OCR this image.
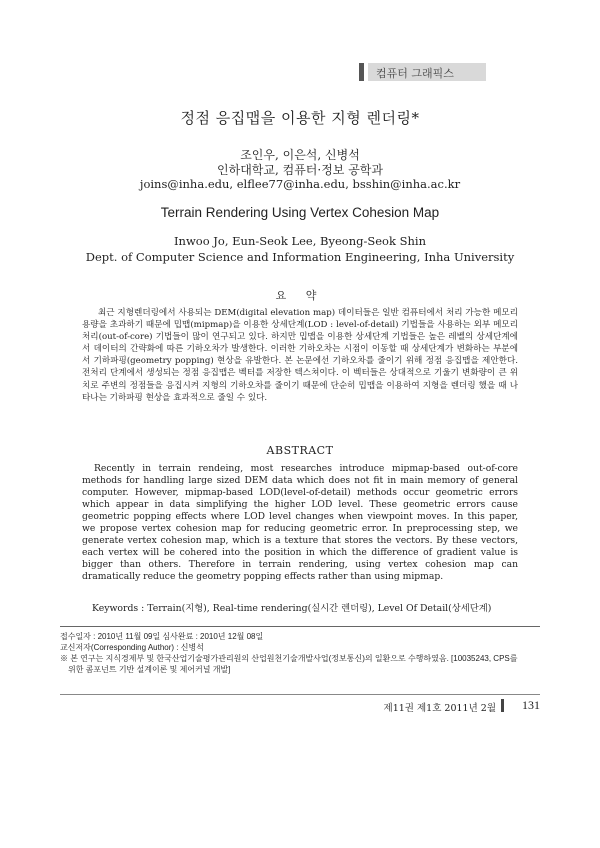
컴퓨터 그래픽스
정점 응집맵을 이용한 지형 렌더링*
조인우, 이은석, 신병석
인하대학교, 컴퓨터·정보 공학과
joins@inha.edu, elflee77@inha.edu, bsshin@inha.ac.kr
Terrain Rendering Using Vertex Cohesion Map
Inwoo Jo, Eun-Seok Lee, Byeong-Seok Shin
Dept. of Computer Science and Information Engineering, Inha University
요 약

최근 지형렌더링에서 사용되는 DEM(digital elevation map) 데이터들은 일반 컴퓨터에서 처리 가능한 메모리 용량을 초과하기 때문에 밉맵(mipmap)을 이용한 상세단계(LOD : level-of-detail) 기법들을 사용하는 외부 메모리 처리(out-of-core) 기법들이 많이 연구되고 있다. 하지만 밉맵을 이용한 상세단계 기법들은 높은 레벨의 상세단계에서 데이터의 간략화에 따른 기하오차가 발생한다. 이러한 기하오차는 시점이 이동할 때 상세단계가 변화하는 부분에서 기하파핑(geometry popping) 현상을 유발한다. 본 논문에선 기하오차를 줄이기 위해 정점 응집맵을 제안한다. 전처리 단계에서 생성되는 정점 응집맵은 벡터를 저장한 텍스쳐이다. 이 벡터들은 상대적으로 기울기 변화량이 큰 위치로 주변의 정점들을 응집시켜 지형의 기하오차를 줄이기 때문에 단순히 밉맵을 이용하여 지형을 렌더링 했을 때 나타나는 기하파핑 현상을 효과적으로 줄일 수 있다.

ABSTRACT

Recently in terrain rendeing, most researches introduce mipmap-based out-of-core methods for handling large sized DEM data which does not fit in main memory of general computer. However, mipmap-based LOD(level-of-detail) methods occur geometric errors which appear in data simplifying the higher LOD level. These geometric errors cause geometric popping effects where LOD level changes when viewpoint moves. In this paper, we propose vertex cohesion map for reducing geometric error. In preprocessing step, we generate vertex cohesion map, which is a texture that stores the vectors. By these vectors, each vertex will be cohered into the position in which the difference of gradient value is bigger than others. Therefore in terrain rendering, using vertex cohesion map can dramatically reduce the geometry popping effects rather than using mipmap.

Keywords : Terrain(지형), Real-time rendering(실시간 렌더링), Level Of Detail(상세단계)

접수일자 : 2010년 11월 09일 심사완료 : 2010년 12월 08일

교신저자(Corresponding Author) : 신병석

※ 본 연구는 지식경제부 및 한국산업기술평가관리원의 산업원천기술개발사업(정보통신)의 일환으로 수행하였음. [10035243, CPS를
위한 콤포넌트 기반 설계이론 및 제어커널 개발]

제11권 제1호 2011년 2월 131
